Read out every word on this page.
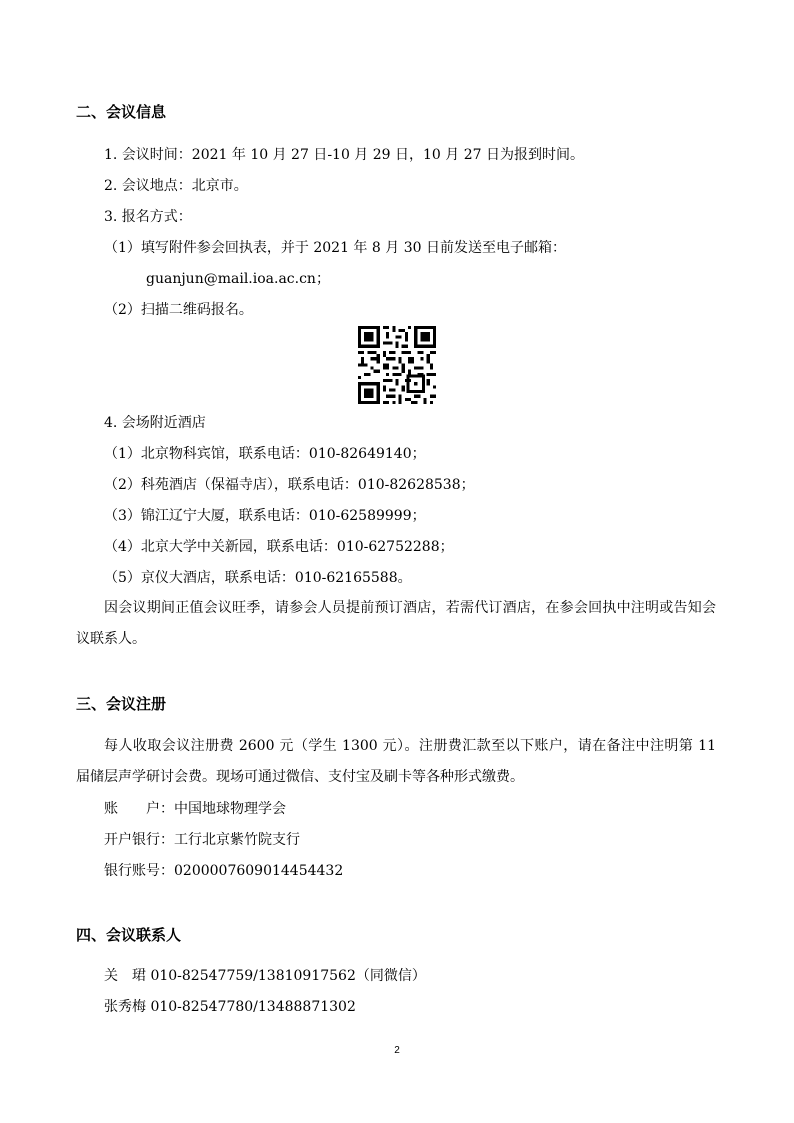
二、会议信息
1. 会议时间：2021 年 10 月 27 日-10 月 29 日，10 月 27 日为报到时间。
2. 会议地点：北京市。
3. 报名方式：
（1）填写附件参会回执表，并于 2021 年 8 月 30 日前发送至电子邮箱：
guanjun@mail.ioa.ac.cn；
（2）扫描二维码报名。
4. 会场附近酒店
（1）北京物科宾馆，联系电话：010-82649140；
（2）科苑酒店（保福寺店），联系电话：010-82628538；
（3）锦江辽宁大厦，联系电话：010-62589999；
（4）北京大学中关新园，联系电话：010-62752288；
（5）京仪大酒店，联系电话：010-62165588。
因会议期间正值会议旺季，请参会人员提前预订酒店，若需代订酒店，在参会回执中注明或告知会议联系人。
三、会议注册
每人收取会议注册费 2600 元（学生 1300 元）。注册费汇款至以下账户，请在备注中注明第 11 届储层声学研讨会费。现场可通过微信、支付宝及刷卡等各种形式缴费。
账　　户：中国地球物理学会
开户银行：工行北京紫竹院支行
银行账号：0200007609014454432
四、会议联系人
关　珺 010-82547759/13810917562（同微信）
张秀梅 010-82547780/13488871302
2
